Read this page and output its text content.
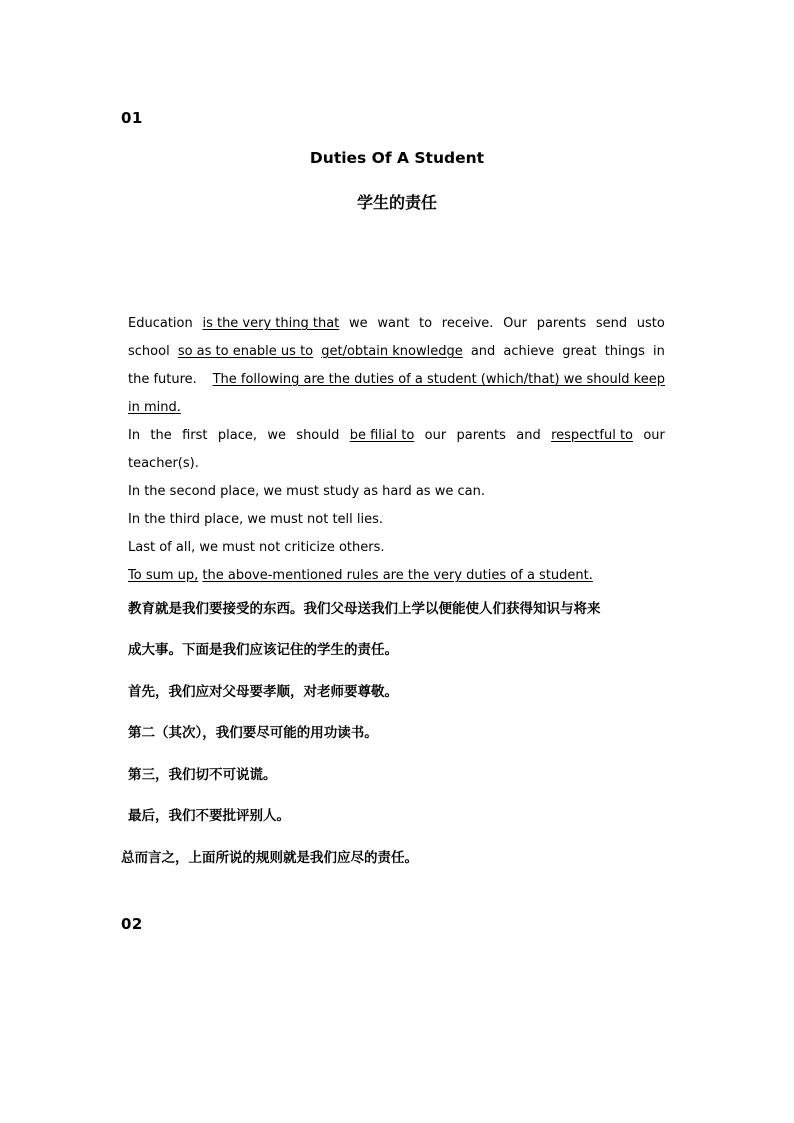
01
Duties Of A Student
学生的责任
Education is the very thing that we want to receive. Our parents send usto
school so as to enable us to get/obtain knowledge and achieve great things in
the future. The following are the duties of a student (which/that) we should keep
in mind.
In the first place, we should be filial to our parents and respectful to our
teacher(s).
In the second place, we must study as hard as we can.
In the third place, we must not tell lies.
Last of all, we must not criticize others.
To sum up, the above-mentioned rules are the very duties of a student.
教育就是我们要接受的东西。我们父母送我们上学以便能使人们获得知识与将来
成大事。下面是我们应该记住的学生的责任。
首先，我们应对父母要孝顺，对老师要尊敬。
第二（其次），我们要尽可能的用功读书。
第三，我们切不可说谎。
最后，我们不要批评别人。
总而言之，上面所说的规则就是我们应尽的责任。
02
